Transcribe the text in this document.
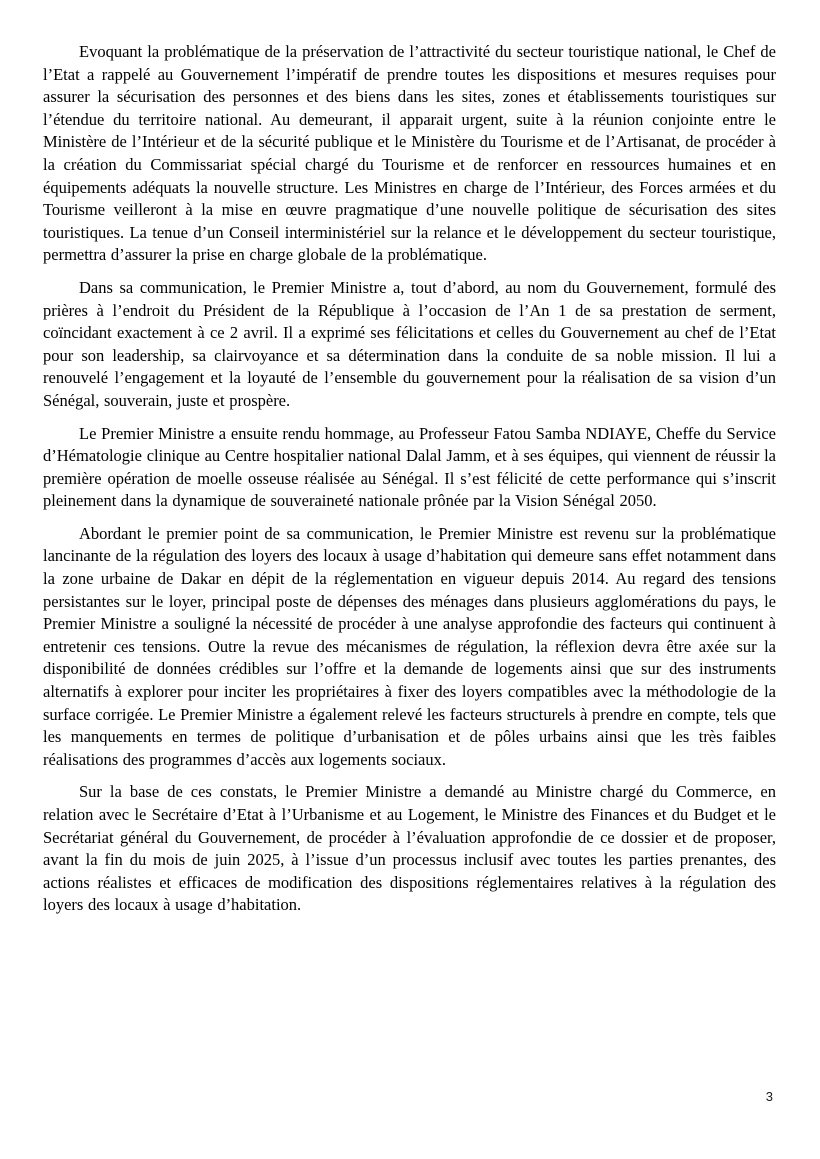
Evoquant la problématique de la préservation de l’attractivité du secteur touristique national, le Chef de l’Etat a rappelé au Gouvernement l’impératif de prendre toutes les dispositions et mesures requises pour assurer la sécurisation des personnes et des biens dans les sites, zones et établissements touristiques sur l’étendue du territoire national. Au demeurant, il apparait urgent, suite à la réunion conjointe entre le Ministère de l’Intérieur et de la sécurité publique et le Ministère du Tourisme et de l’Artisanat, de procéder à la création du Commissariat spécial chargé du Tourisme et de renforcer en ressources humaines et en équipements adéquats la nouvelle structure. Les Ministres en charge de l’Intérieur, des Forces armées et du Tourisme veilleront à la mise en œuvre pragmatique d’une nouvelle politique de sécurisation des sites touristiques. La tenue d’un Conseil interministériel sur la relance et le développement du secteur touristique, permettra d’assurer la prise en charge globale de la problématique.

Dans sa communication, le Premier Ministre a, tout d’abord, au nom du Gouvernement, formulé des prières à l’endroit du Président de la République à l’occasion de l’An 1 de sa prestation de serment, coïncidant exactement à ce 2 avril. Il a exprimé ses félicitations et celles du Gouvernement au chef de l’Etat pour son leadership, sa clairvoyance et sa détermination dans la conduite de sa noble mission. Il lui a renouvelé l’engagement et la loyauté de l’ensemble du gouvernement pour la réalisation de sa vision d’un Sénégal, souverain, juste et prospère.

Le Premier Ministre a ensuite rendu hommage, au Professeur Fatou Samba NDIAYE, Cheffe du Service d’Hématologie clinique au Centre hospitalier national Dalal Jamm, et à ses équipes, qui viennent de réussir la première opération de moelle osseuse réalisée au Sénégal. Il s’est félicité de cette performance qui s’inscrit pleinement dans la dynamique de souveraineté nationale prônée par la Vision Sénégal 2050.

Abordant le premier point de sa communication, le Premier Ministre est revenu sur la problématique lancinante de la régulation des loyers des locaux à usage d’habitation qui demeure sans effet notamment dans la zone urbaine de Dakar en dépit de la réglementation en vigueur depuis 2014. Au regard des tensions persistantes sur le loyer, principal poste de dépenses des ménages dans plusieurs agglomérations du pays, le Premier Ministre a souligné la nécessité de procéder à une analyse approfondie des facteurs qui continuent à entretenir ces tensions. Outre la revue des mécanismes de régulation, la réflexion devra être axée sur la disponibilité de données crédibles sur l’offre et la demande de logements ainsi que sur des instruments alternatifs à explorer pour inciter les propriétaires à fixer des loyers compatibles avec la méthodologie de la surface corrigée. Le Premier Ministre a également relevé les facteurs structurels à prendre en compte, tels que les manquements en termes de politique d’urbanisation et de pôles urbains ainsi que les très faibles réalisations des programmes d’accès aux logements sociaux.

Sur la base de ces constats, le Premier Ministre a demandé au Ministre chargé du Commerce, en relation avec le Secrétaire d’Etat à l’Urbanisme et au Logement, le Ministre des Finances et du Budget et le Secrétariat général du Gouvernement, de procéder à l’évaluation approfondie de ce dossier et de proposer, avant la fin du mois de juin 2025, à l’issue d’un processus inclusif avec toutes les parties prenantes, des actions réalistes et efficaces de modification des dispositions réglementaires relatives à la régulation des loyers des locaux à usage d’habitation.

3
